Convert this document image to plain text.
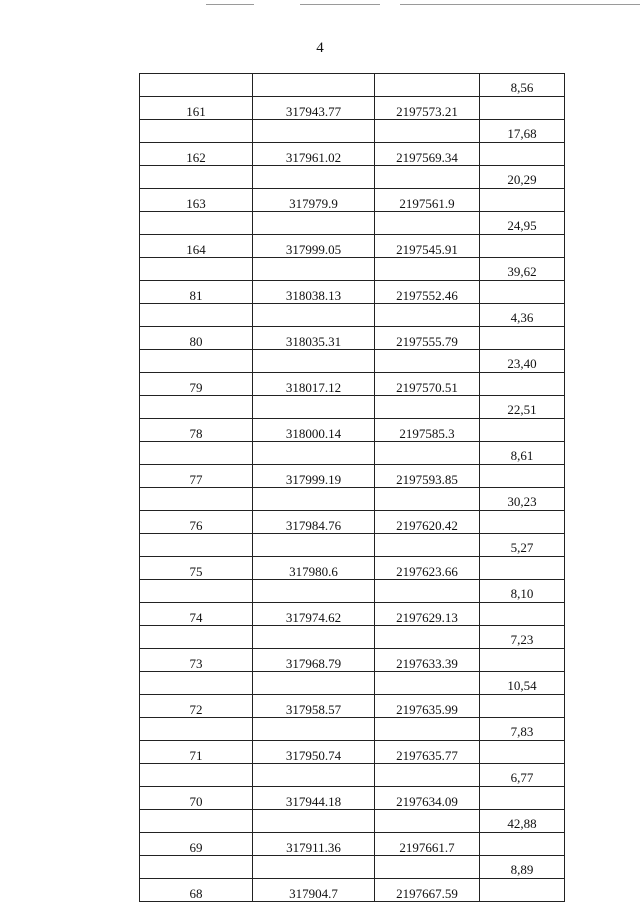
4
			8,56
161	317943.77	2197573.21	
			17,68
162	317961.02	2197569.34	
			20,29
163	317979.9	2197561.9	
			24,95
164	317999.05	2197545.91	
			39,62
81	318038.13	2197552.46	
			4,36
80	318035.31	2197555.79	
			23,40
79	318017.12	2197570.51	
			22,51
78	318000.14	2197585.3	
			8,61
77	317999.19	2197593.85	
			30,23
76	317984.76	2197620.42	
			5,27
75	317980.6	2197623.66	
			8,10
74	317974.62	2197629.13	
			7,23
73	317968.79	2197633.39	
			10,54
72	317958.57	2197635.99	
			7,83
71	317950.74	2197635.77	
			6,77
70	317944.18	2197634.09	
			42,88
69	317911.36	2197661.7	
			8,89
68	317904.7	2197667.59	
